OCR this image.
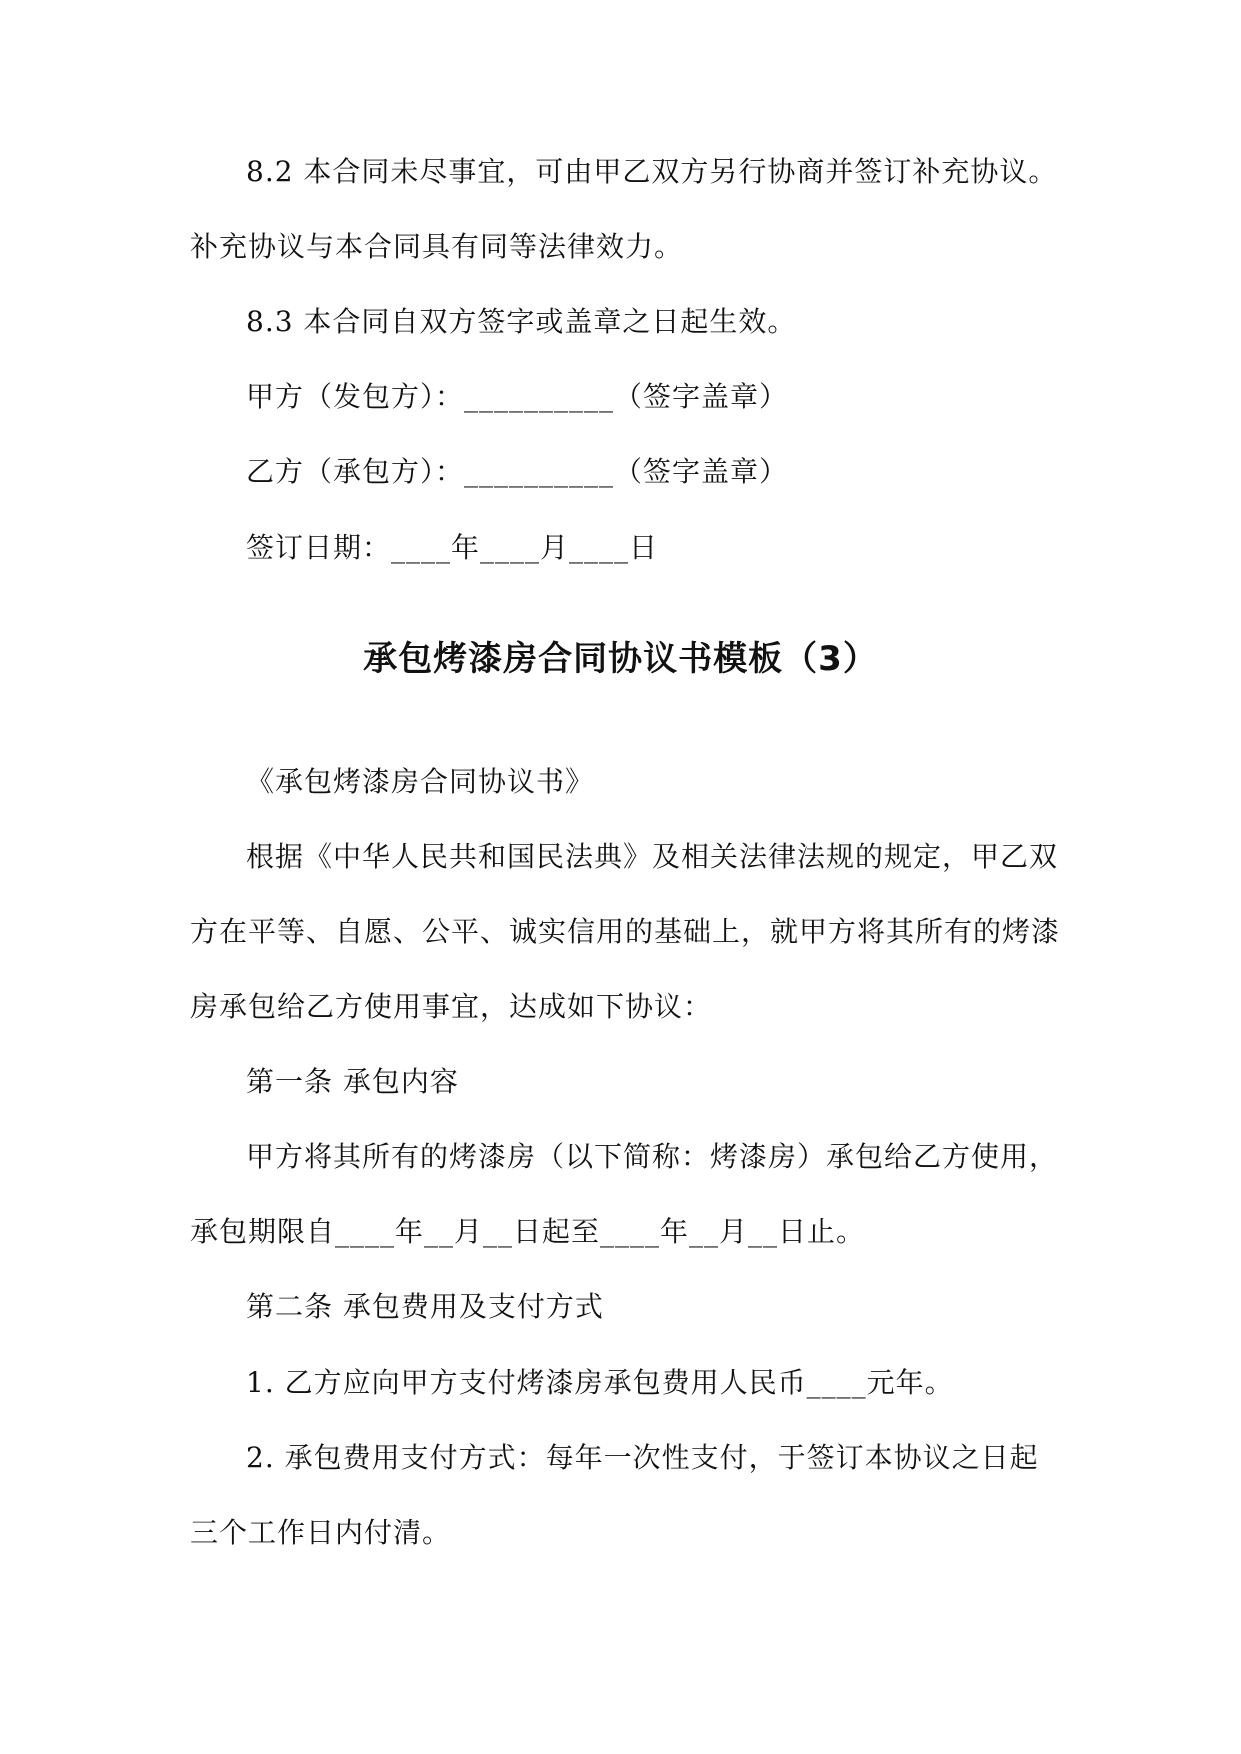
8.2 本合同未尽事宜，可由甲乙双方另行协商并签订补充协议。
补充协议与本合同具有同等法律效力。
8.3 本合同自双方签字或盖章之日起生效。
甲方（发包方）：__________（签字盖章）
乙方（承包方）：__________（签字盖章）
签订日期：____年____月____日
承包烤漆房合同协议书模板（3）
《承包烤漆房合同协议书》
根据《中华人民共和国民法典》及相关法律法规的规定，甲乙双
方在平等、自愿、公平、诚实信用的基础上，就甲方将其所有的烤漆
房承包给乙方使用事宜，达成如下协议：
第一条 承包内容
甲方将其所有的烤漆房（以下简称：烤漆房）承包给乙方使用，
承包期限自____年__月__日起至____年__月__日止。
第二条 承包费用及支付方式
1. 乙方应向甲方支付烤漆房承包费用人民币____元年。
2. 承包费用支付方式：每年一次性支付，于签订本协议之日起
三个工作日内付清。
